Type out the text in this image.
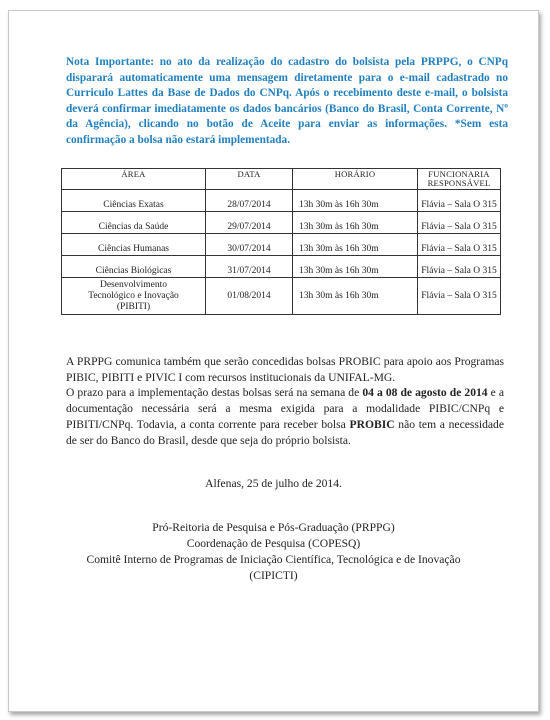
Nota Importante: no ato da realização do cadastro do bolsista pela PRPPG, o CNPq disparará automaticamente uma mensagem diretamente para o e-mail cadastrado no Curriculo Lattes da Base de Dados do CNPq. Após o recebimento deste e-mail, o bolsista deverá confirmar imediatamente os dados bancários (Banco do Brasil, Conta Corrente, Nº da Agência), clicando no botão de Aceite para enviar as informações. *Sem esta confirmação a bolsa não estará implementada.
ÁREA	DATA	HORÁRIO	FUNCIONARIA
RESPONSÁVEL

Ciências Exatas	28/07/2014	13h 30m às 16h 30m	Flávia – Sala O 315
Ciências da Saúde	29/07/2014	13h 30m às 16h 30m	Flávia – Sala O 315
Ciências Humanas	30/07/2014	13h 30m às 16h 30m	Flávia – Sala O 315
Ciências Biológicas	31/07/2014	13h 30m às 16h 30m	Flávia – Sala O 315

Desenvolvimento
Tecnológico e Inovação
(PIBITI)	01/08/2014	13h 30m às 16h 30m	Flávia – Sala O 315

A PRPPG comunica também que serão concedidas bolsas PROBIC para apoio aos Programas PIBIC, PIBITI e PIVIC I com recursos institucionais da UNIFAL-MG.

O prazo para a implementação destas bolsas será na semana de 04 a 08 de agosto de 2014 e a documentação necessária será a mesma exigida para a modalidade PIBIC/CNPq e PIBITI/CNPq. Todavia, a conta corrente para receber bolsa PROBIC não tem a necessidade de ser do Banco do Brasil, desde que seja do próprio bolsista.

Alfenas, 25 de julho de 2014.
Pró-Reitoria de Pesquisa e Pós-Graduação (PRPPG)
Coordenação de Pesquisa (COPESQ)
Comitê Interno de Programas de Iniciação Científica, Tecnológica e de Inovação
(CIPICTI)
